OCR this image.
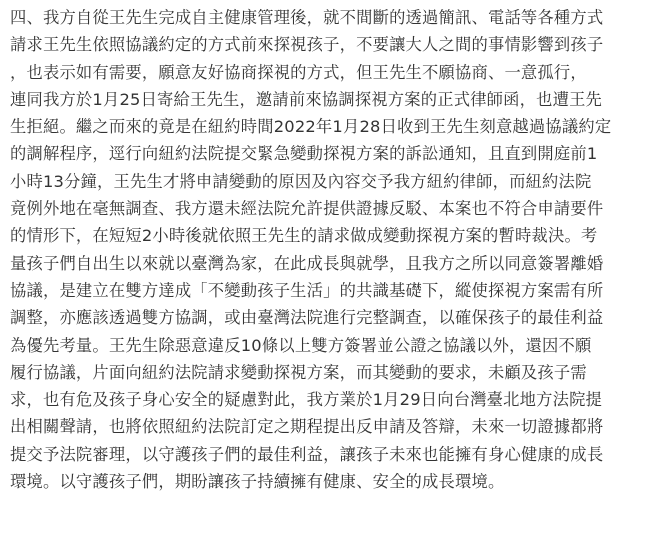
四、我方自從王先生完成自主健康管理後，就不間斷的透過簡訊、電話等各種方式
請求王先生依照協議約定的方式前來探視孩子，不要讓大人之間的事情影響到孩子
，也表示如有需要，願意友好協商探視的方式，但王先生不願協商、一意孤行，
連同我方於1月25日寄給王先生，邀請前來協調探視方案的正式律師函，也遭王先
生拒絕。繼之而來的竟是在紐約時間2022年1月28日收到王先生刻意越過協議約定
的調解程序，逕行向紐約法院提交緊急變動探視方案的訴訟通知，且直到開庭前1
小時13分鐘，王先生才將申請變動的原因及內容交予我方紐約律師，而紐約法院
竟例外地在毫無調查、我方還未經法院允許提供證據反駁、本案也不符合申請要件
的情形下，在短短2小時後就依照王先生的請求做成變動探視方案的暫時裁決。考
量孩子們自出生以來就以臺灣為家，在此成長與就學，且我方之所以同意簽署離婚
協議，是建立在雙方達成「不變動孩子生活」的共識基礎下，縱使探視方案需有所
調整，亦應該透過雙方協調，或由臺灣法院進行完整調查，以確保孩子的最佳利益
為優先考量。王先生除惡意違反10條以上雙方簽署並公證之協議以外，還因不願
履行協議，片面向紐約法院請求變動探視方案，而其變動的要求，未顧及孩子需
求，也有危及孩子身心安全的疑慮對此，我方業於1月29日向台灣臺北地方法院提
出相關聲請，也將依照紐約法院訂定之期程提出反申請及答辯，未來一切證據都將
提交予法院審理，以守護孩子們的最佳利益，讓孩子未來也能擁有身心健康的成長
環境。以守護孩子們，期盼讓孩子持續擁有健康、安全的成長環境。
